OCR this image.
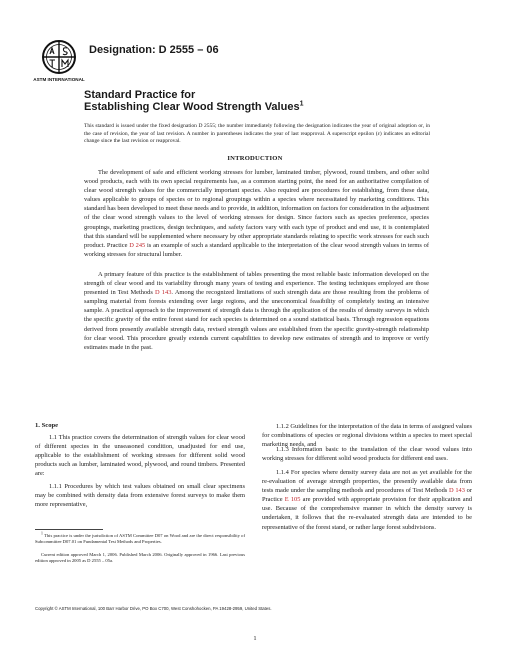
ASTM INTERNATIONAL
Designation: D 2555 – 06
Standard Practice for
Establishing Clear Wood Strength Values$^1$
This standard is issued under the fixed designation D 2555; the number immediately following the designation indicates the year of original adoption or, in the case of revision, the year of last revision. A number in parentheses indicates the year of last reapproval. A superscript epsilon (ε) indicates an editorial change since the last revision or reapproval.
INTRODUCTION

The development of safe and efficient working stresses for lumber, laminated timber, plywood, round timbers, and other solid wood products, each with its own special requirements has, as a common starting point, the need for an authoritative compilation of clear wood strength values for the commercially important species. Also required are procedures for establishing, from these data, values applicable to groups of species or to regional groupings within a species where necessitated by marketing conditions. This standard has been developed to meet these needs and to provide, in addition, information on factors for consideration in the adjustment of the clear wood strength values to the level of working stresses for design. Since factors such as species preference, species groupings, marketing practices, design techniques, and safety factors vary with each type of product and end use, it is contemplated that this standard will be supplemented where necessary by other appropriate standards relating to specific work stresses for each such product. Practice D 245 is an example of such a standard applicable to the interpretation of the clear wood strength values in terms of working stresses for structural lumber.

A primary feature of this practice is the establishment of tables presenting the most reliable basic information developed on the strength of clear wood and its variability through many years of testing and experience. The testing techniques employed are those presented in Test Methods D 143. Among the recognized limitations of such strength data are those resulting from the problems of sampling material from forests extending over large regions, and the uneconomical feasibility of completely testing an intensive sample. A practical approach to the improvement of strength data is through the application of the results of density surveys in which the specific gravity of the entire forest stand for each species is determined on a sound statistical basis. Through regression equations derived from presently available strength data, revised strength values are established from the specific gravity-strength relationship for clear wood. This procedure greatly extends current capabilities to develop new estimates of strength and to improve or verify estimates made in the past.

1. Scope

1.1 This practice covers the determination of strength values for clear wood of different species in the unseasoned condition, unadjusted for end use, applicable to the establishment of working stresses for different solid wood products such as lumber, laminated wood, plywood, and round timbers. Presented are:

1.1.1 Procedures by which test values obtained on small clear specimens may be combined with density data from extensive forest surveys to make them more representative,

1.1.2 Guidelines for the interpretation of the data in terms of assigned values for combinations of species or regional divisions within a species to meet special marketing needs, and

1.1.3 Information basic to the translation of the clear wood values into working stresses for different solid wood products for different end uses.

1.1.4 For species where density survey data are not as yet available for the re-evaluation of average strength properties, the presently available data from tests made under the sampling methods and procedures of Test Methods D 143 or Practice E 105 are provided with appropriate provision for their application and use. Because of the comprehensive manner in which the density survey is undertaken, it follows that the re-evaluated strength data are intended to be representative of the forest stand, or rather large forest subdivisions.

$^1$ This practice is under the jurisdiction of ASTM Committee D07 on Wood and are the direct responsibility of Subcommittee D07.01 on Fundamental Test Methods and Properties.
Current edition approved March 1, 2006. Published March 2006. Originally approved in 1966. Last previous edition approved in 2005 as D 2555 – 05a.
Copyright © ASTM International, 100 Barr Harbor Drive, PO Box C700, West Conshohocken, PA 19428-2959, United States.
1
